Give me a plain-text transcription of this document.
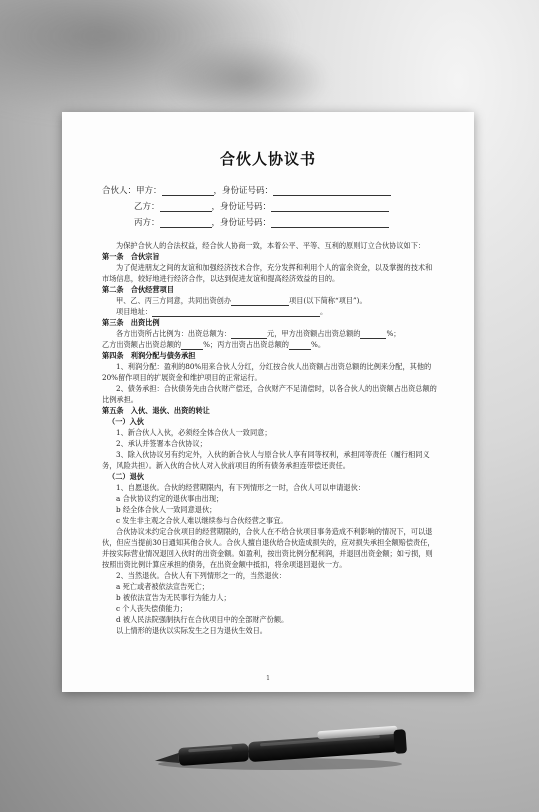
合伙人协议书
合伙人：甲方：	，身份证号码：
乙方：	，身份证号码：
丙方：	，身份证号码：

为保护合伙人的合法权益，经合伙人协商一致，本着公平、平等、互利的原则订立合伙协议如下：

第一条　合伙宗旨

为了促进朋友之间的友谊和加强经济技术合作，充分发挥和利用个人的富余资金，以及掌握的技术和市场信息，较好地进行经济合作，以达到促进友谊和提高经济效益的目的。

第二条　合伙经营项目

甲、乙、丙三方同意，共同出资创办	项目(以下简称“项目”)。

项目地址：	。

第三条　出资比例

各方出资所占比例为：出资总额为：	元，甲方出资额占出资总额的	%；

乙方出资额占出资总额的	%；丙方出资占出资总额的	%。

第四条　利润分配与债务承担

1、利润分配：盈利的80%用来合伙人分红，分红按合伙人出资额占出资总额的比例来分配，其他的20%留作项目的扩展资金和维护项目的正常运行。

2、债务承担：合伙债务先由合伙财产偿还，合伙财产不足清偿时，以各合伙人的出资额占出资总额的比例承担。

第五条　入伙、退伙、出资的转让

（一）入伙

1、新合伙人入伙，必须经全体合伙人一致同意；

2、承认并签署本合伙协议；

3、除入伙协议另有约定外，入伙的新合伙人与原合伙人享有同等权利，承担同等责任（履行相同义务，风险共担）。新入伙的合伙人对入伙前项目的所有债务承担连带偿还责任。

（二）退伙

1、自愿退伙。合伙的经营期限内，有下列情形之一时，合伙人可以申请退伙：

a 合伙协议约定的退伙事由出现；

b 经全体合伙人一致同意退伙；

c 发生非主观之合伙人难以继续参与合伙经营之事宜。

合伙协议未约定合伙项目的经营期限的，合伙人在不给合伙项目事务造成不利影响的情况下，可以退伙，但应当提前30日通知其他合伙人。合伙人擅自退伙给合伙造成损失的，应对损失承担全额赔偿责任，并按实际营业情况退回入伙时的出资金额。如盈利，按出资比例分配利润，并退回出资金额；如亏损，则按照出资比例计算应承担的债务，在出资金额中抵扣，将余项退回退伙一方。

2、当然退伙。合伙人有下列情形之一的，当然退伙：

a 死亡或者被依法宣告死亡；

b 被依法宣告为无民事行为能力人；

c 个人丧失偿债能力；

d 被人民法院强制执行在合伙项目中的全部财产份额。

以上情形的退伙以实际发生之日为退伙生效日。

1
